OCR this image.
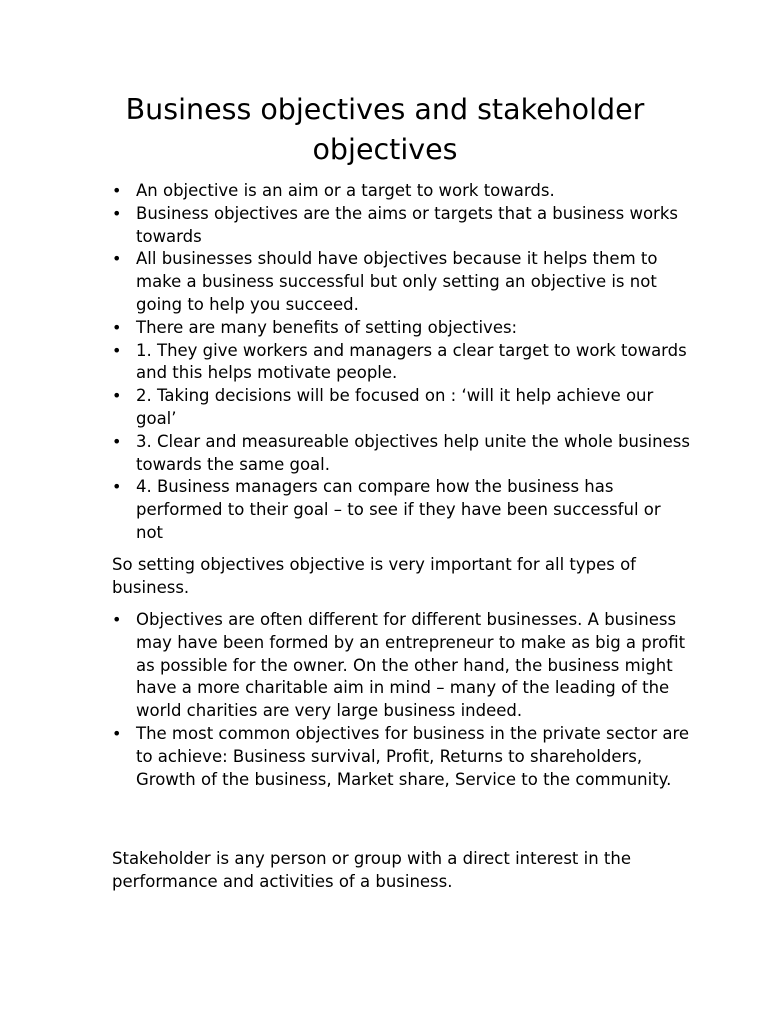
Business objectives and stakeholder objectives
• An objective is an aim or a target to work towards.
• Business objectives are the aims or targets that a business works towards
• All businesses should have objectives because it helps them to make a business successful but only setting an objective is not going to help you succeed.
• There are many benefits of setting objectives:
• 1. They give workers and managers a clear target to work towards and this helps motivate people.
• 2. Taking decisions will be focused on : ‘will it help achieve our goal’
• 3. Clear and measureable objectives help unite the whole business towards the same goal.
• 4. Business managers can compare how the business has performed to their goal – to see if they have been successful or not

So setting objectives objective is very important for all types of business.

• Objectives are often different for different businesses. A business may have been formed by an entrepreneur to make as big a profit as possible for the owner. On the other hand, the business might have a more charitable aim in mind – many of the leading of the world charities are very large business indeed.
• The most common objectives for business in the private sector are to achieve: Business survival, Profit, Returns to shareholders, Growth of the business, Market share, Service to the community.

Stakeholder is any person or group with a direct interest in the performance and activities of a business.
